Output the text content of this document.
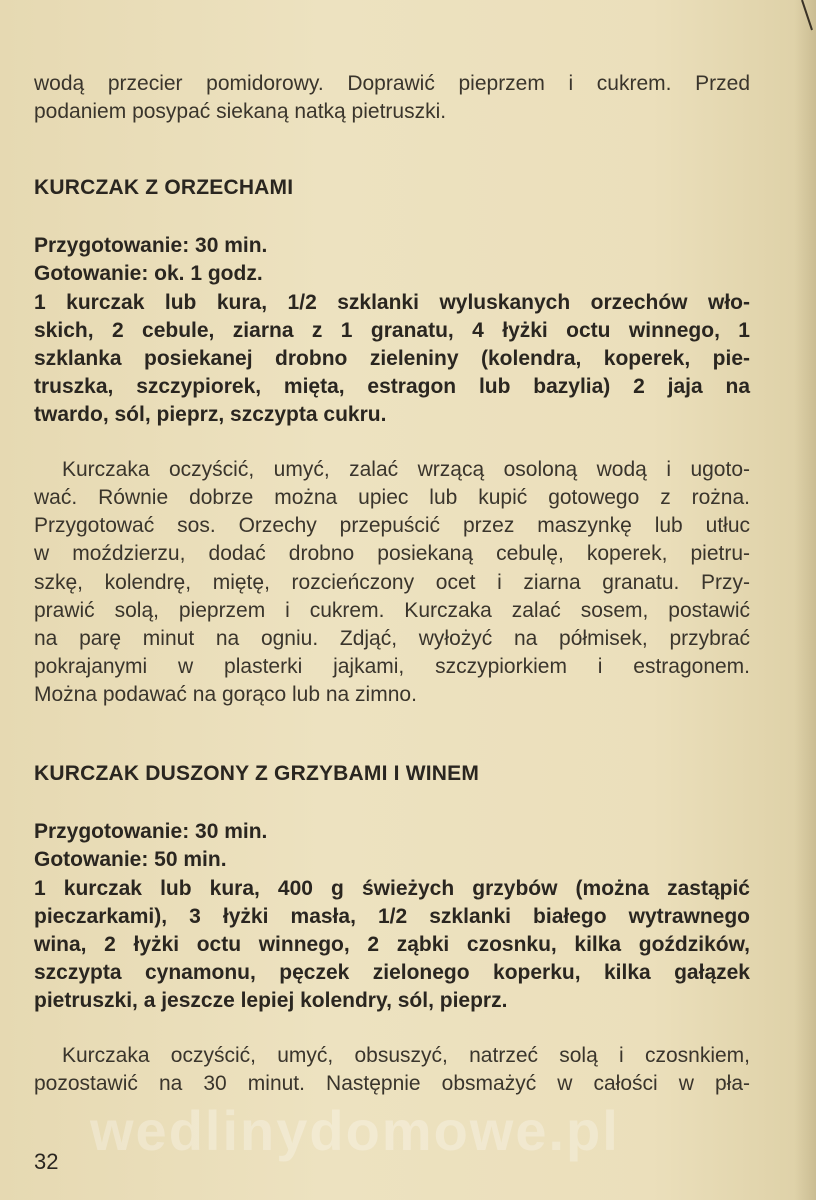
wodą przecier pomidorowy. Doprawić pieprzem i cukrem. Przed
podaniem posypać siekaną natką pietruszki.
KURCZAK Z ORZECHAMI
Przygotowanie: 30 min.
Gotowanie: ok. 1 godz.
1 kurczak lub kura, 1/2 szklanki wyluskanych orzechów wło-
skich, 2 cebule, ziarna z 1 granatu, 4 łyżki octu winnego, 1
szklanka posiekanej drobno zieleniny (kolendra, koperek, pie-
truszka, szczypiorek, mięta, estragon lub bazylia) 2 jaja na
twardo, sól, pieprz, szczypta cukru.
Kurczaka oczyścić, umyć, zalać wrzącą osoloną wodą i ugoto-
wać. Równie dobrze można upiec lub kupić gotowego z rożna.
Przygotować sos. Orzechy przepuścić przez maszynkę lub utłuc
w moździerzu, dodać drobno posiekaną cebulę, koperek, pietru-
szkę, kolendrę, miętę, rozcieńczony ocet i ziarna granatu. Przy-
prawić solą, pieprzem i cukrem. Kurczaka zalać sosem, postawić
na parę minut na ogniu. Zdjąć, wyłożyć na półmisek, przybrać
pokrajanymi w plasterki jajkami, szczypiorkiem i estragonem.
Można podawać na gorąco lub na zimno.
KURCZAK DUSZONY Z GRZYBAMI I WINEM
Przygotowanie: 30 min.
Gotowanie: 50 min.
1 kurczak lub kura, 400 g świeżych grzybów (można zastąpić
pieczarkami), 3 łyżki masła, 1/2 szklanki białego wytrawnego
wina, 2 łyżki octu winnego, 2 ząbki czosnku, kilka goździków,
szczypta cynamonu, pęczek zielonego koperku, kilka gałązek
pietruszki, a jeszcze lepiej kolendry, sól, pieprz.
Kurczaka oczyścić, umyć, obsuszyć, natrzeć solą i czosnkiem,
pozostawić na 30 minut. Następnie obsmażyć w całości w pła-
wedlinydomowe.pl
32
